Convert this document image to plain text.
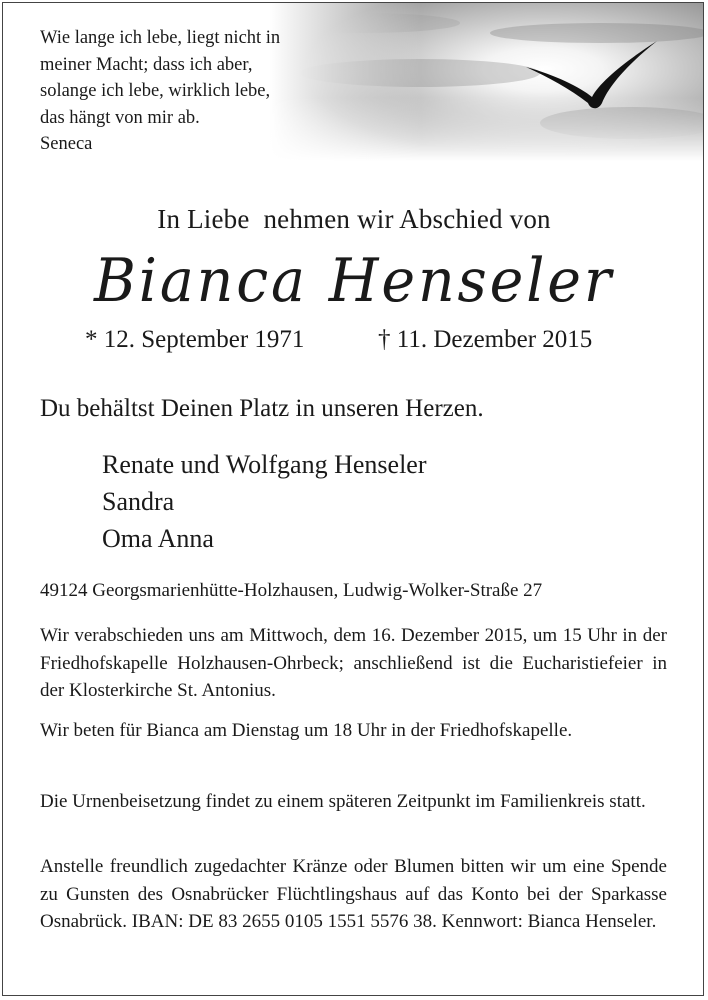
Wie lange ich lebe, liegt nicht in
meiner Macht; dass ich aber,
solange ich lebe, wirklich lebe,
das hängt von mir ab.
Seneca
In Liebe  nehmen wir Abschied von
Bianca Henseler
* 12. September 1971	† 11. Dezember 2015
Du behältst Deinen Platz in unseren Herzen.
Renate und Wolfgang Henseler
Sandra
Oma Anna
49124 Georgsmarienhütte-Holzhausen, Ludwig-Wolker-Straße 27
Wir verabschieden uns am Mittwoch, dem 16. Dezember 2015, um 15 Uhr in der Friedhofskapelle Holzhausen-Ohrbeck; anschließend ist die Eucharistiefeier in der Klosterkirche St. Antonius.
Wir beten für Bianca am Dienstag um 18 Uhr in der Friedhofskapelle.
Die Urnenbeisetzung findet zu einem späteren Zeitpunkt im Familienkreis statt.
Anstelle freundlich zugedachter Kränze oder Blumen bitten wir um eine Spende zu Gunsten des Osnabrücker Flüchtlingshaus auf das Konto bei der Sparkasse Osnabrück. IBAN: DE 83 2655 0105 1551 5576 38. Kennwort: Bianca Henseler.
